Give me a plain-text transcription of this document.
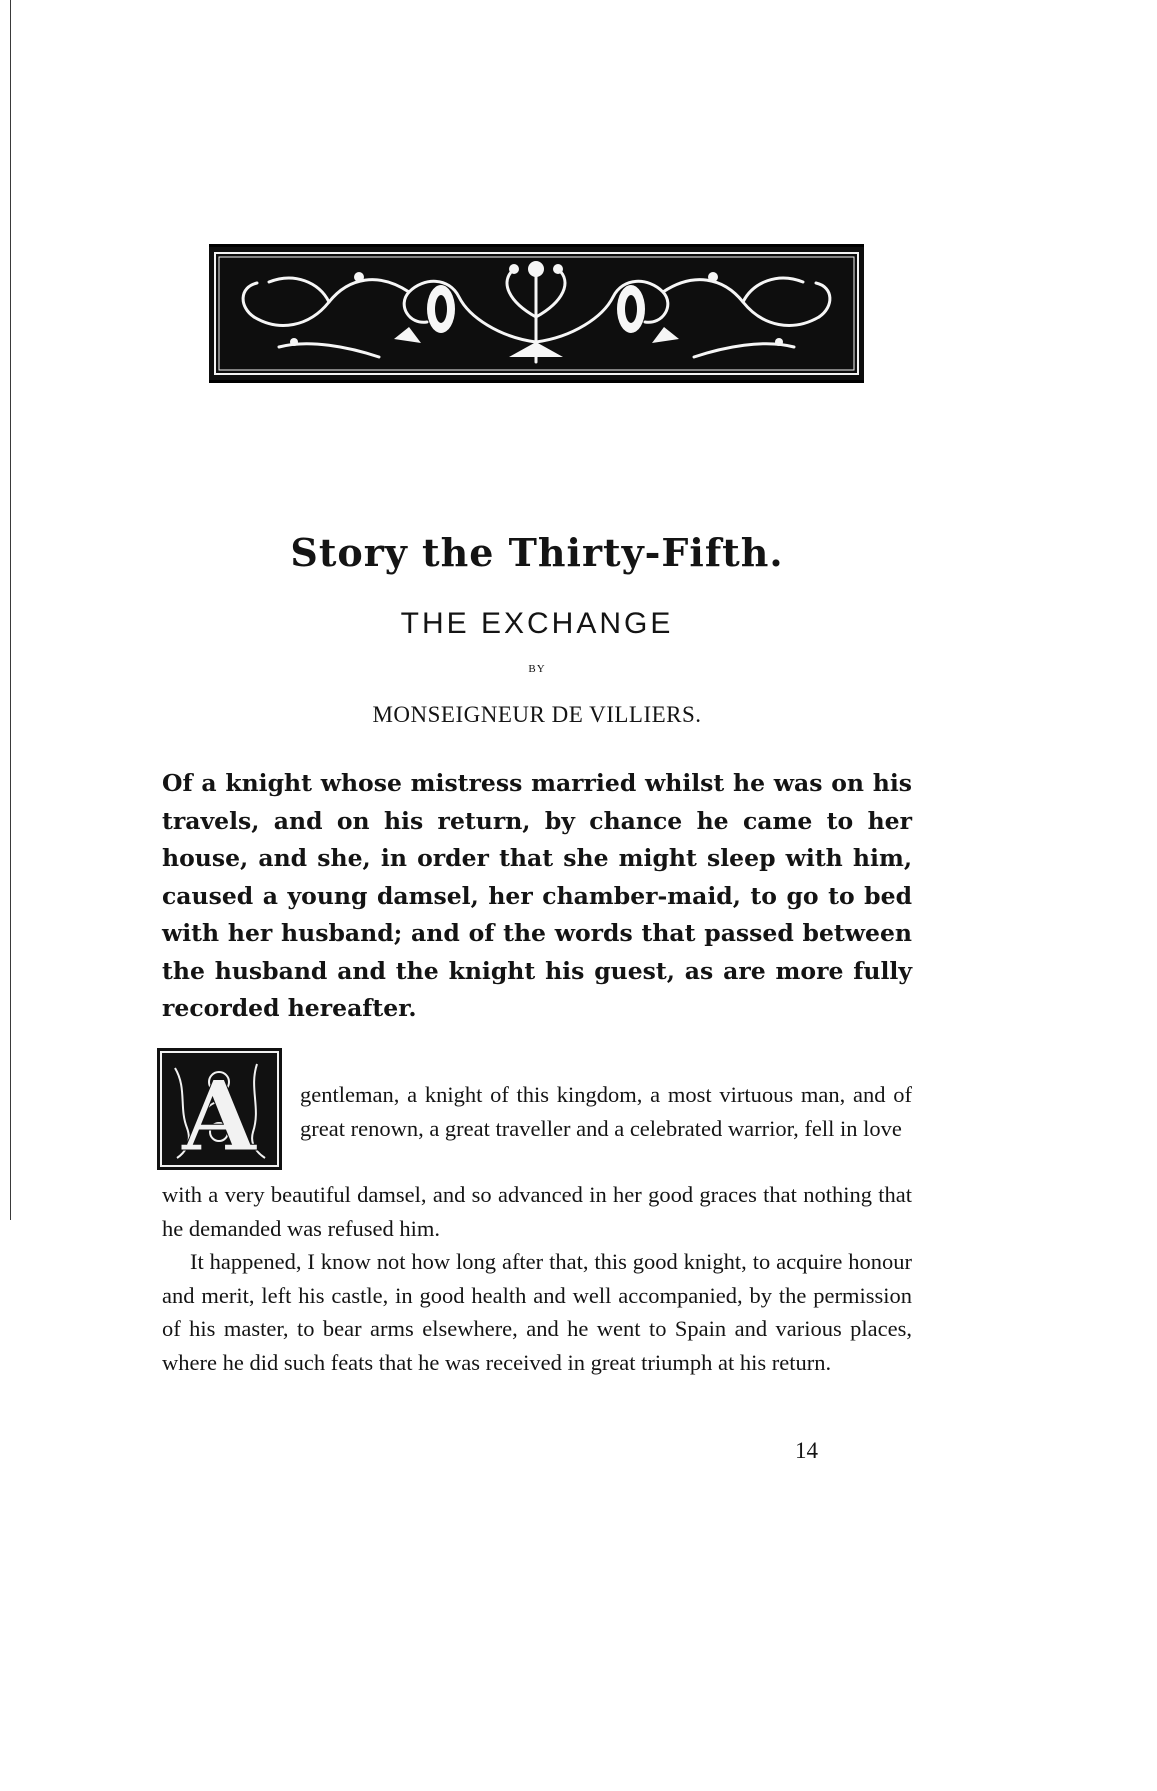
Story the Thirty-Fifth.
THE EXCHANGE
BY
MONSEIGNEUR DE VILLIERS.

Of a knight whose mistress married whilst he was on his travels, and on his return, by chance he came to her house, and she, in order that she might sleep with him, caused a young damsel, her chamber-maid, to go to bed with her husband; and of the words that passed between the husband and the knight his guest, as are more fully recorded hereafter.

A gentleman, a knight of this kingdom, a most virtuous man, and of great renown, a great traveller and a celebrated warrior, fell in love

with a very beautiful damsel, and so advanced in her good graces that nothing that he demanded was refused him.

It happened, I know not how long after that, this good knight, to acquire honour and merit, left his castle, in good health and well accompanied, by the permission of his master, to bear arms elsewhere, and he went to Spain and various places, where he did such feats that he was received in great triumph at his return.

14
